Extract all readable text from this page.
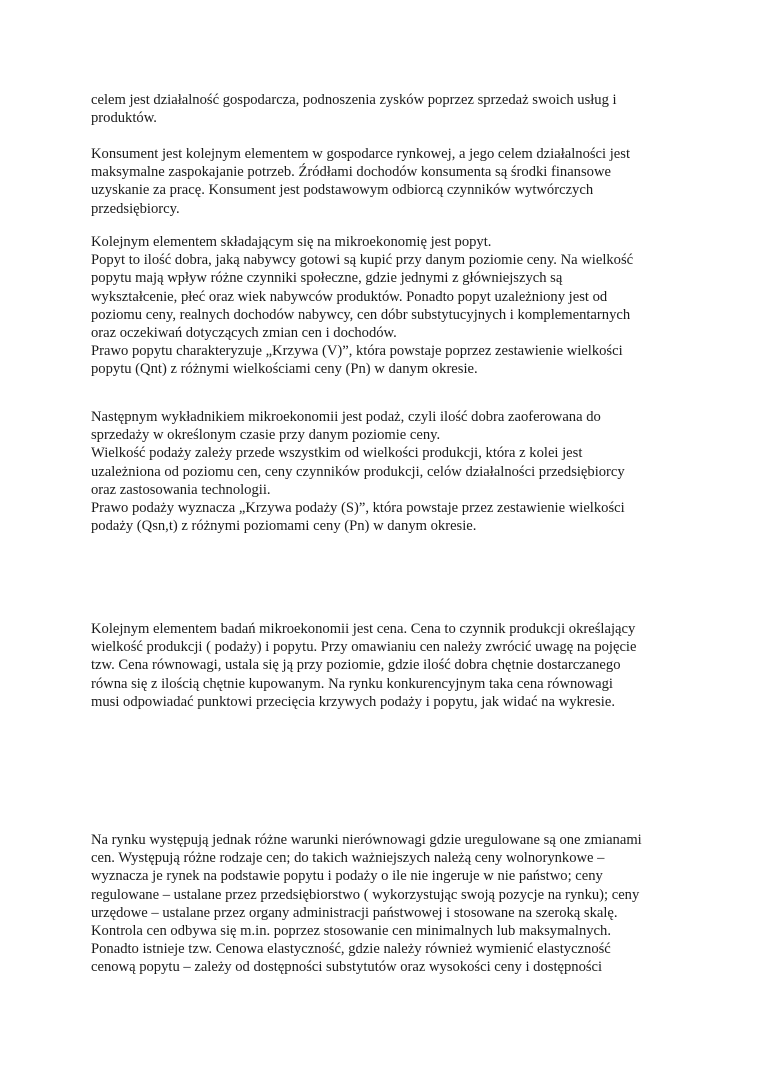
celem jest działalność gospodarcza, podnoszenia zysków poprzez sprzedaż swoich usług i
produktów.
Konsument jest kolejnym elementem w gospodarce rynkowej, a jego celem działalności jest
maksymalne zaspokajanie potrzeb. Źródłami dochodów konsumenta są środki finansowe
uzyskanie za pracę. Konsument jest podstawowym odbiorcą czynników wytwórczych
przedsiębiorcy.
Kolejnym elementem składającym się na mikroekonomię jest popyt.
Popyt to ilość dobra, jaką nabywcy gotowi są kupić przy danym poziomie ceny. Na wielkość
popytu mają wpływ różne czynniki społeczne, gdzie jednymi z główniejszych są
wykształcenie, płeć oraz wiek nabywców produktów. Ponadto popyt uzależniony jest od
poziomu ceny, realnych dochodów nabywcy, cen dóbr substytucyjnych i komplementarnych
oraz oczekiwań dotyczących zmian cen i dochodów.
Prawo popytu charakteryzuje „Krzywa (V)”, która powstaje poprzez zestawienie wielkości
popytu (Qnt) z różnymi wielkościami ceny (Pn) w danym okresie.
Następnym wykładnikiem mikroekonomii jest podaż, czyli ilość dobra zaoferowana do
sprzedaży w określonym czasie przy danym poziomie ceny.
Wielkość podaży zależy przede wszystkim od wielkości produkcji, która z kolei jest
uzależniona od poziomu cen, ceny czynników produkcji, celów działalności przedsiębiorcy
oraz zastosowania technologii.
Prawo podaży wyznacza „Krzywa podaży (S)”, która powstaje przez zestawienie wielkości
podaży (Qsn,t) z różnymi poziomami ceny (Pn) w danym okresie.
Kolejnym elementem badań mikroekonomii jest cena. Cena to czynnik produkcji określający
wielkość produkcji ( podaży) i popytu. Przy omawianiu cen należy zwrócić uwagę na pojęcie
tzw. Cena równowagi, ustala się ją przy poziomie, gdzie ilość dobra chętnie dostarczanego
równa się z ilością chętnie kupowanym. Na rynku konkurencyjnym taka cena równowagi
musi odpowiadać punktowi przecięcia krzywych podaży i popytu, jak widać na wykresie.
Na rynku występują jednak różne warunki nierównowagi gdzie uregulowane są one zmianami
cen. Występują różne rodzaje cen; do takich ważniejszych należą ceny wolnorynkowe –
wyznacza je rynek na podstawie popytu i podaży o ile nie ingeruje w nie państwo; ceny
regulowane – ustalane przez przedsiębiorstwo ( wykorzystując swoją pozycje na rynku); ceny
urzędowe – ustalane przez organy administracji państwowej i stosowane na szeroką skalę.
Kontrola cen odbywa się m.in. poprzez stosowanie cen minimalnych lub maksymalnych.
Ponadto istnieje tzw. Cenowa elastyczność, gdzie należy również wymienić elastyczność
cenową popytu – zależy od dostępności substytutów oraz wysokości ceny i dostępności
